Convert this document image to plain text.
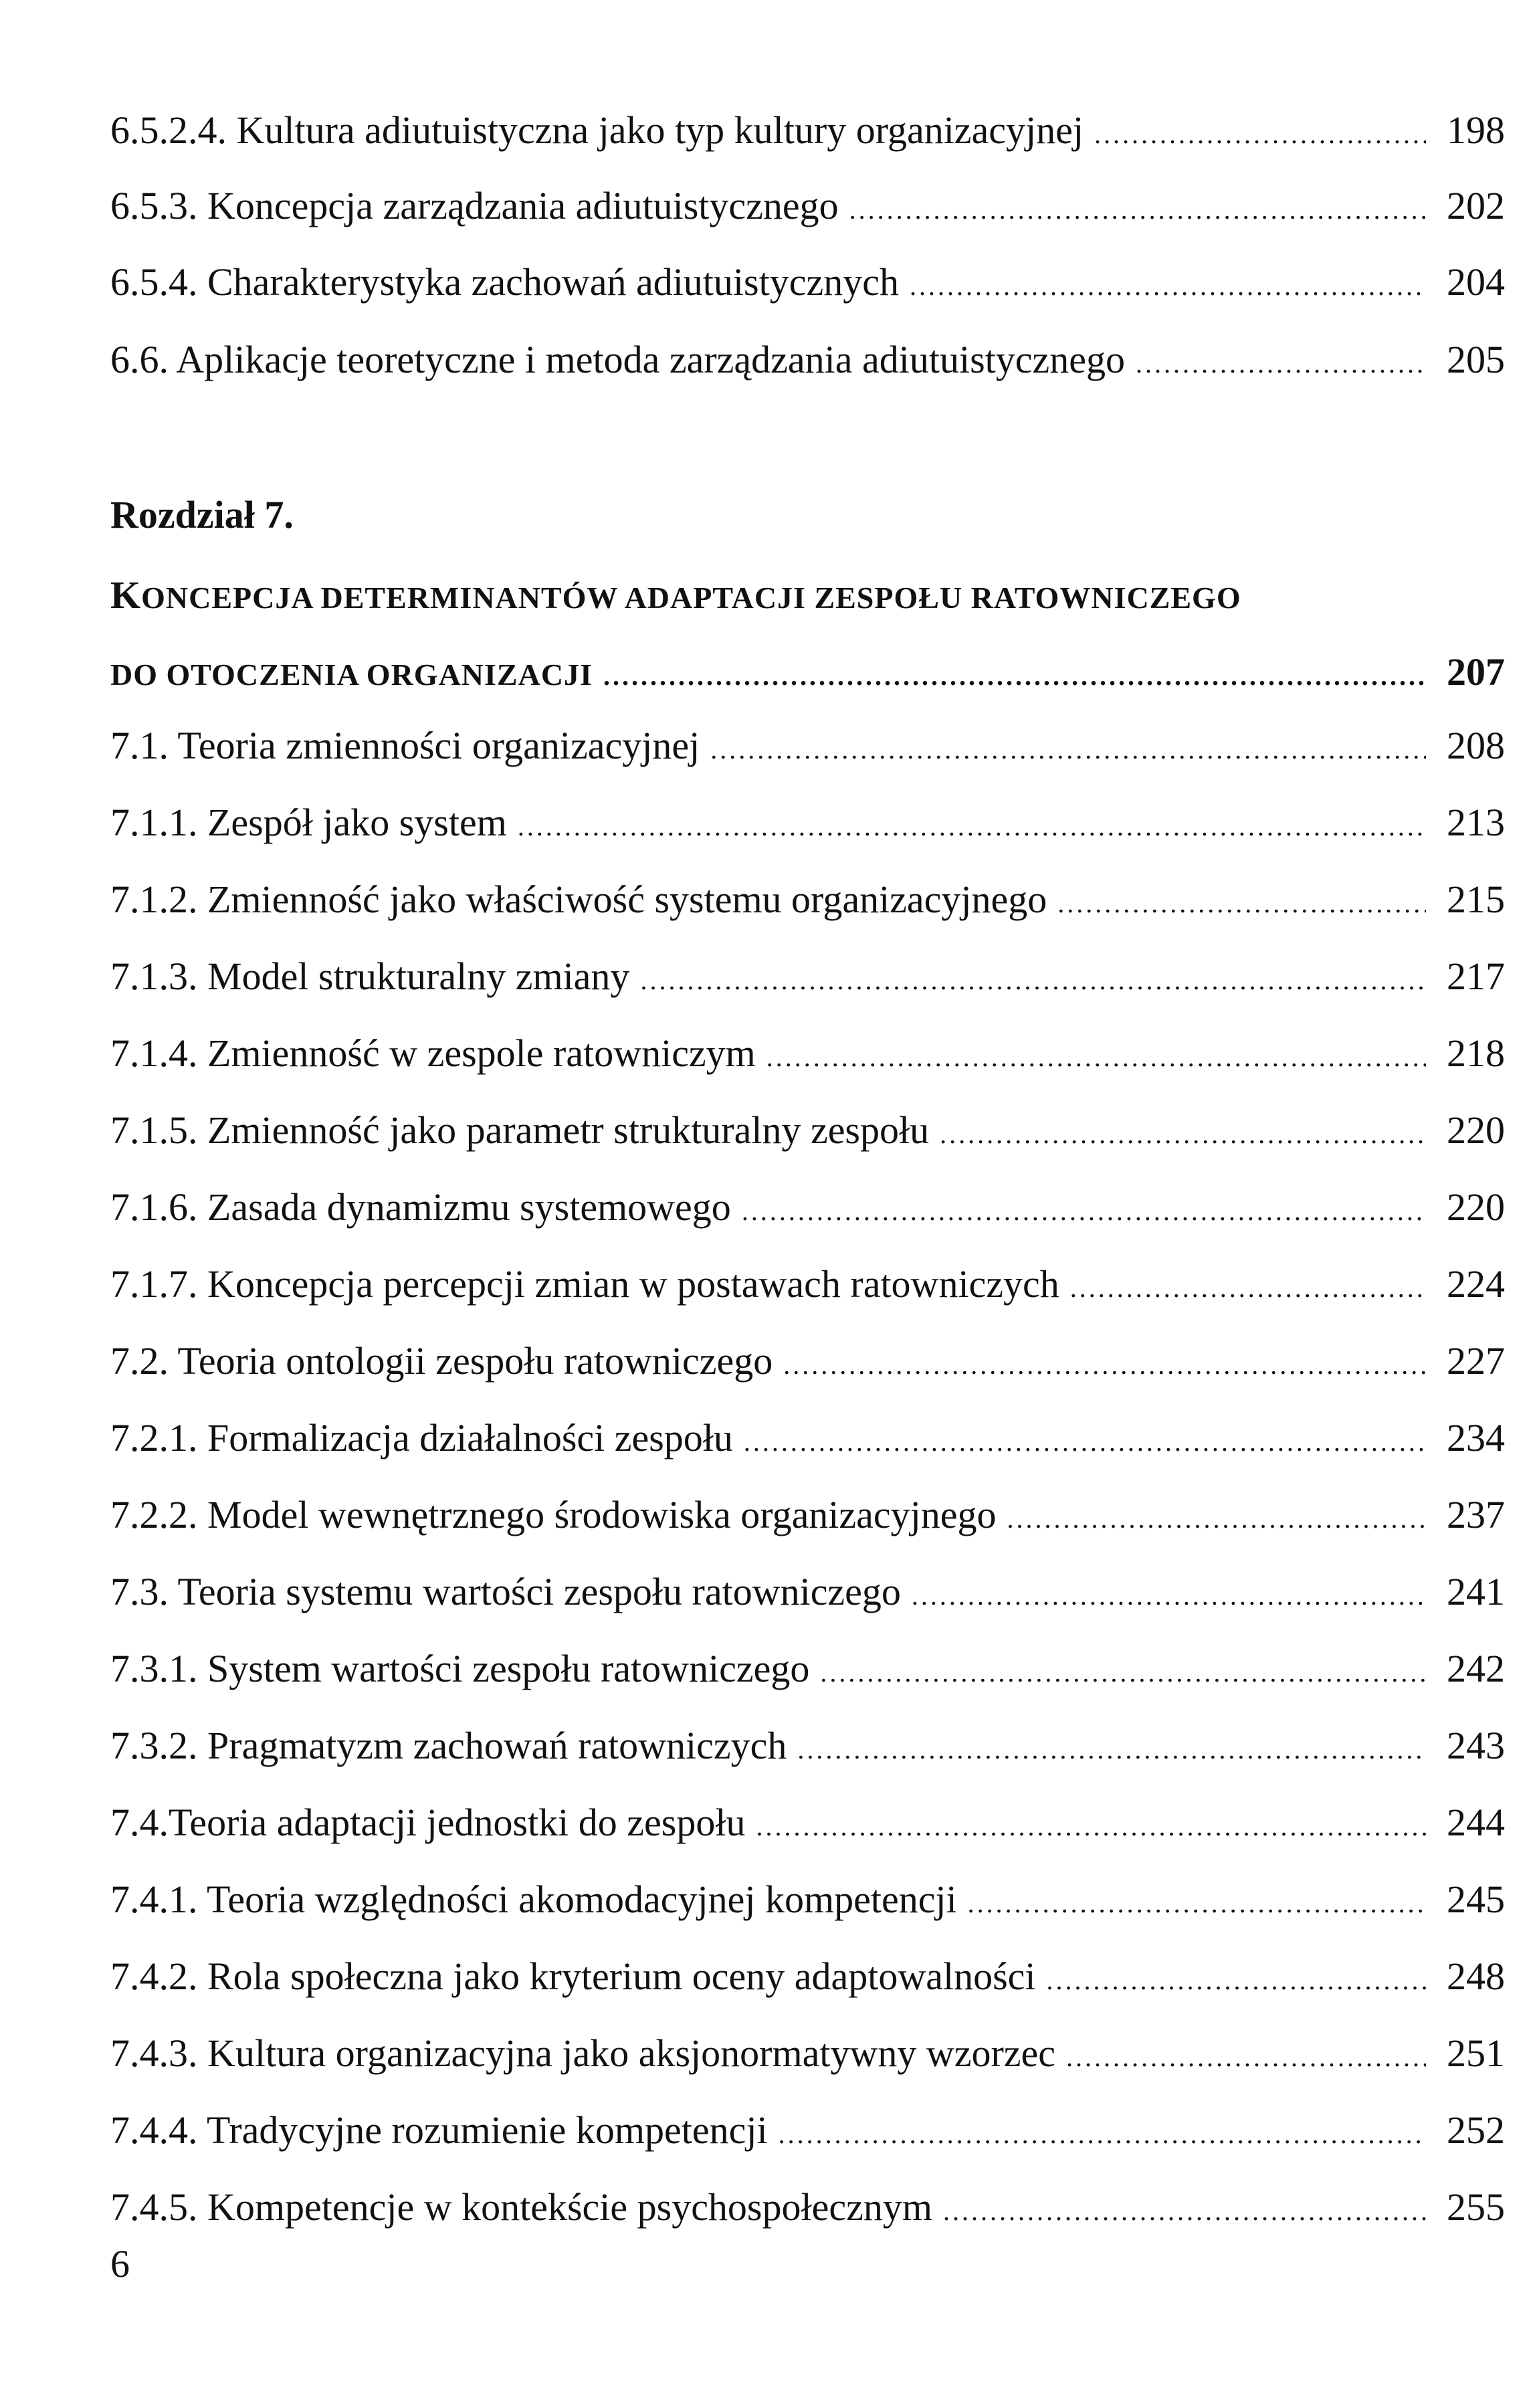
6.5.2.4. Kultura adiutuistyczna jako typ kultury organizacyjnej .....	198
6.5.3. Koncepcja zarządzania adiutuistycznego .....	202
6.5.4. Charakterystyka zachowań adiutuistycznych .....	204
6.6. Aplikacje teoretyczne i metoda zarządzania adiutuistycznego .....	205
Rozdział 7.
KONCEPCJA DETERMINANTÓW ADAPTACJI ZESPOŁU RATOWNICZEGO
DO OTOCZENIA ORGANIZACJI .....	207
7.1. Teoria zmienności organizacyjnej .....	208
7.1.1. Zespół jako system .....	213
7.1.2. Zmienność jako właściwość systemu organizacyjnego .....	215
7.1.3. Model strukturalny zmiany .....	217
7.1.4. Zmienność w zespole ratowniczym .....	218
7.1.5. Zmienność jako parametr strukturalny zespołu .....	220
7.1.6. Zasada dynamizmu systemowego .....	220
7.1.7. Koncepcja percepcji zmian w postawach ratowniczych .....	224
7.2. Teoria ontologii zespołu ratowniczego .....	227
7.2.1. Formalizacja działalności zespołu .....	234
7.2.2. Model wewnętrznego środowiska organizacyjnego .....	237
7.3. Teoria systemu wartości zespołu ratowniczego .....	241
7.3.1. System wartości zespołu ratowniczego .....	242
7.3.2. Pragmatyzm zachowań ratowniczych .....	243
7.4.Teoria adaptacji jednostki do zespołu .....	244
7.4.1. Teoria względności akomodacyjnej kompetencji .....	245
7.4.2. Rola społeczna jako kryterium oceny adaptowalności .....	248
7.4.3. Kultura organizacyjna jako aksjonormatywny wzorzec .....	251
7.4.4. Tradycyjne rozumienie kompetencji .....	252
7.4.5. Kompetencje w kontekście psychospołecznym .....	255
6
